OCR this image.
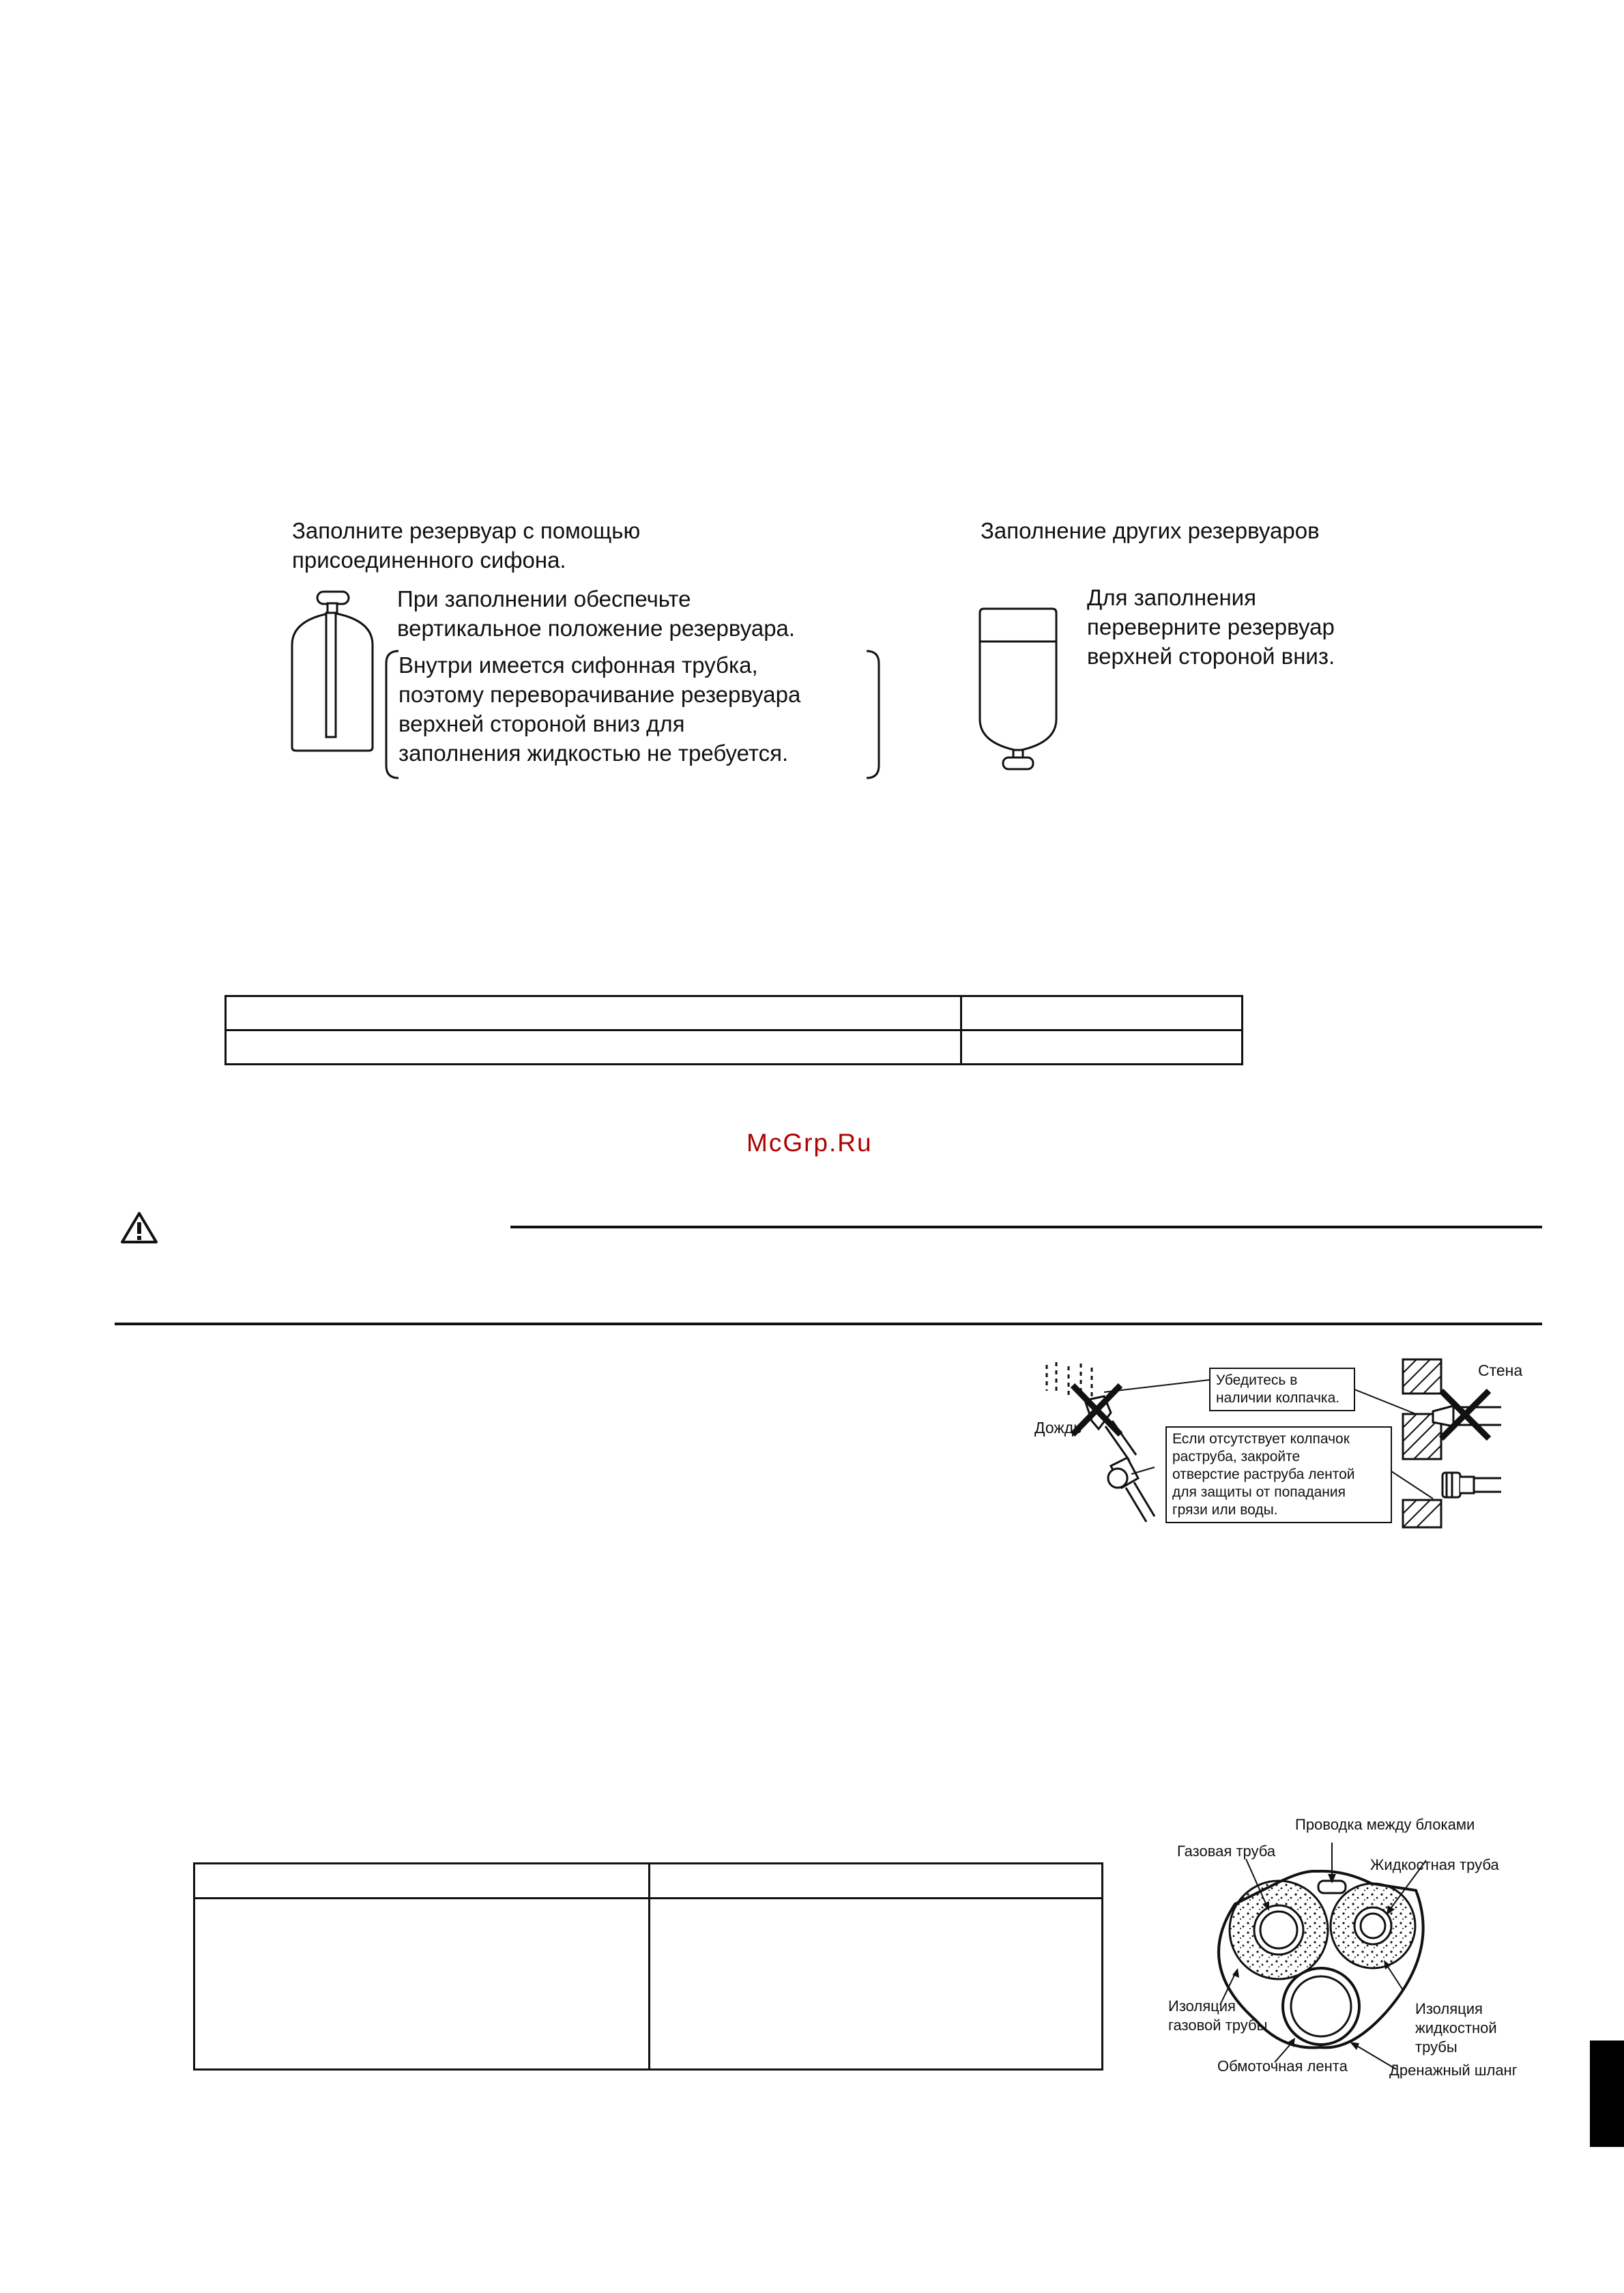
Заполните резервуар с помощью
присоединенного сифона.
При заполнении обеспечьте
вертикальное положение резервуара.
Внутри имеется сифонная трубка,
поэтому переворачивание резервуара
верхней стороной вниз для
заполнения жидкостью не требуется.
Заполнение других резервуаров
Для заполнения
переверните резервуар
верхней стороной вниз.

McGrp.Ru
Дождь
Стена
Убедитесь в
наличии колпачка.
Если отсутствует колпачок
раструба, закройте
отверстие раструба лентой
для защиты от попадания
грязи или воды.

Проводка между блоками
Газовая труба
Жидкостная труба
Изоляция
газовой трубы
Изоляция
жидкостной
трубы
Обмоточная лента	Дренажный шланг
